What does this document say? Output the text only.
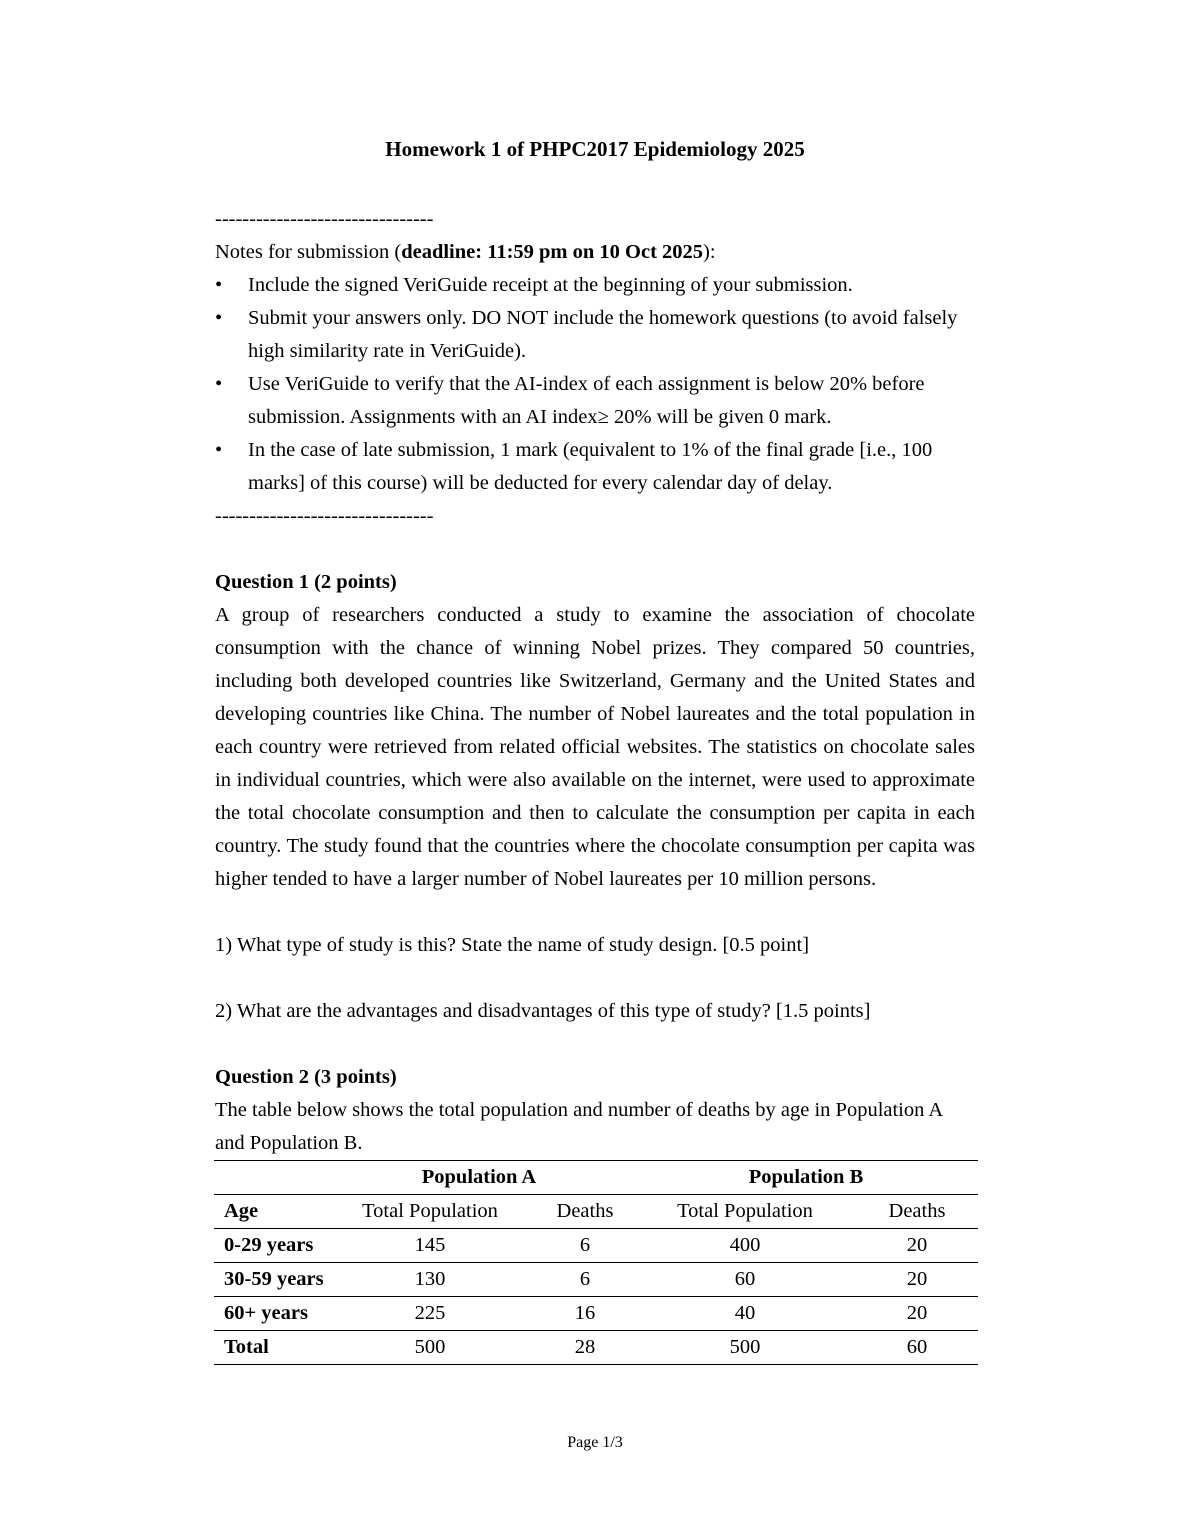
Homework 1 of PHPC2017 Epidemiology 2025
--------------------------------
Notes for submission (deadline: 11:59 pm on 10 Oct 2025):
• Include the signed VeriGuide receipt at the beginning of your submission.
• Submit your answers only. DO NOT include the homework questions (to avoid falsely high similarity rate in VeriGuide).
• Use VeriGuide to verify that the AI-index of each assignment is below 20% before submission. Assignments with an AI index≥ 20% will be given 0 mark.
• In the case of late submission, 1 mark (equivalent to 1% of the final grade [i.e., 100 marks] of this course) will be deducted for every calendar day of delay.
--------------------------------
Question 1 (2 points)
A group of researchers conducted a study to examine the association of chocolate consumption with the chance of winning Nobel prizes. They compared 50 countries, including both developed countries like Switzerland, Germany and the United States and developing countries like China. The number of Nobel laureates and the total population in each country were retrieved from related official websites. The statistics on chocolate sales in individual countries, which were also available on the internet, were used to approximate the total chocolate consumption and then to calculate the consumption per capita in each country. The study found that the countries where the chocolate consumption per capita was higher tended to have a larger number of Nobel laureates per 10 million persons.
1) What type of study is this? State the name of study design. [0.5 point]
2) What are the advantages and disadvantages of this type of study? [1.5 points]
Question 2 (3 points)
The table below shows the total population and number of deaths by age in Population A and Population B.
	Population A		Population B	
Age	Total Population	Deaths	Total Population	Deaths
0-29 years	145	6	400	20
30-59 years	130	6	60	20
60+ years	225	16	40	20
Total	500	28	500	60
Page 1/3
